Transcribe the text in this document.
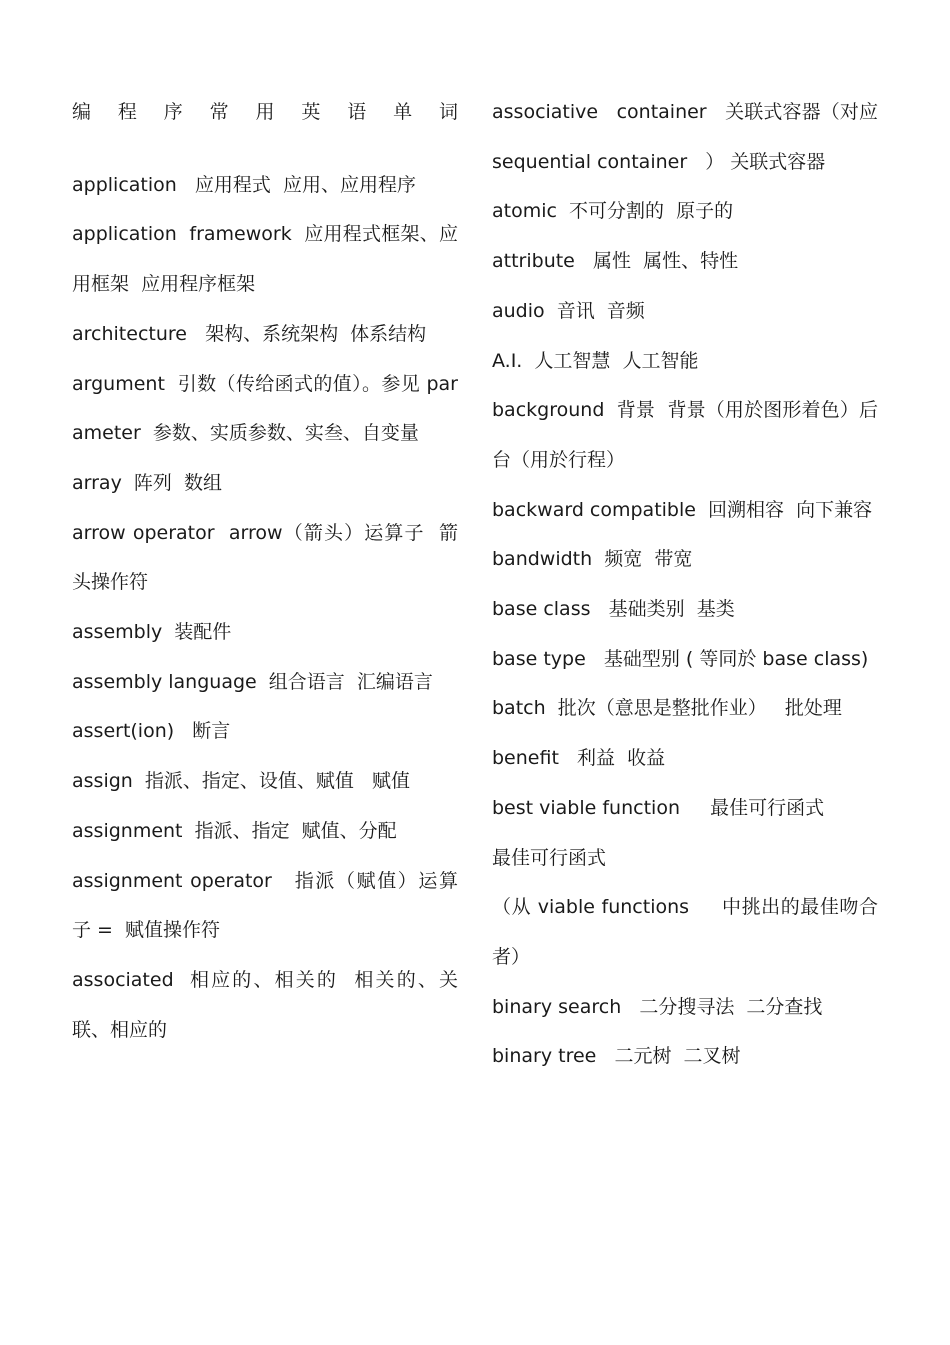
编 程 序 常 用 英 语 单 词

application   应用程式  应用、应用程序

application  framework  应用程式框架、应用框架  应用程序框架

architecture   架构、系统架构  体系结构

argument  引数（传给函式的值）。参见 parameter  参数、实质参数、实叁、自变量

array  阵列  数组

arrow operator  arrow（箭头）运算子  箭头操作符

assembly  装配件

assembly language  组合语言  汇编语言

assert(ion)   断言

assign  指派、指定、设值、赋值   赋值

assignment  指派、指定  赋值、分配

assignment operator   指派（赋值）运算子 =  赋值操作符

associated  相应的、相关的  相关的、关联、相应的

associative   container   关联式容器（对应 sequential container   ） 关联式容器

atomic  不可分割的  原子的

attribute   属性  属性、特性

audio  音讯  音频

A.I.  人工智慧  人工智能

background  背景  背景（用於图形着色）后台（用於行程）

backward compatible  回溯相容  向下兼容

bandwidth  频宽  带宽

base class   基础类别  基类

base type   基础型别 ( 等同於 base class)

batch  批次（意思是整批作业）   批处理

benefit   利益  收益

best viable function     最佳可行函式

最佳可行函式

（从 viable functions     中挑出的最佳吻合者）

binary search   二分搜寻法  二分查找

binary tree   二元树  二叉树
